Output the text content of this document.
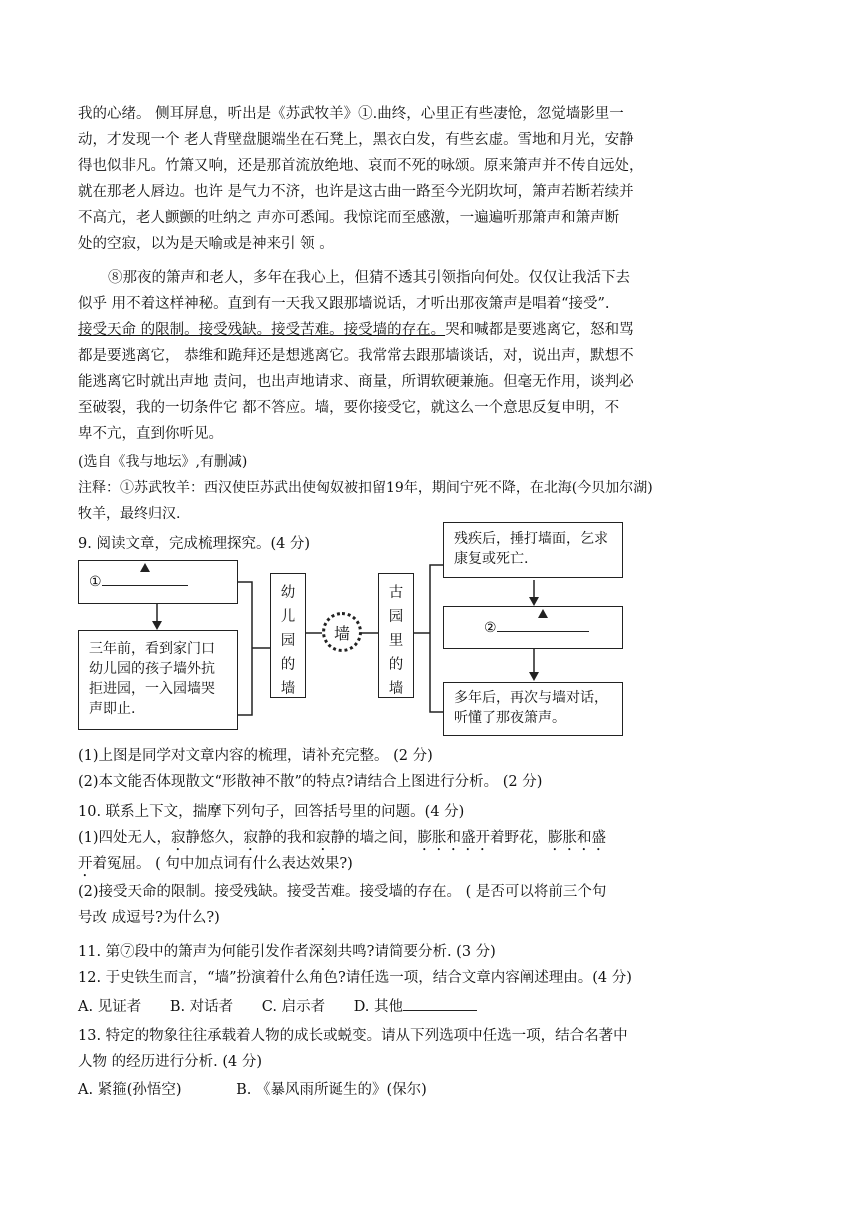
我的心绪。 侧耳屏息，听出是《苏武牧羊》①.曲终，心里正有些凄怆，忽觉墙影里一
动，才发现一个 老人背壁盘腿端坐在石凳上，黑衣白发，有些玄虚。雪地和月光，安静
得也似非凡。竹箫又响，还是那首流放绝地、哀而不死的咏颂。原来箫声并不传自远处，
就在那老人唇边。也许 是气力不济，也许是这古曲一路至今光阴坎坷，箫声若断若续并
不高亢，老人颤颤的吐纳之 声亦可悉闻。我惊诧而至感激，一遍遍听那箫声和箫声断
处的空寂，以为是天喻或是神来引 领 。
⑧那夜的箫声和老人，多年在我心上，但猜不透其引领指向何处。仅仅让我活下去
似乎 用不着这样神秘。直到有一天我又跟那墙说话，才听出那夜箫声是唱着“接受”.
接受天命 的限制。接受残缺。接受苦难。接受墙的存在。哭和喊都是要逃离它，怒和骂
都是要逃离它， 恭维和跪拜还是想逃离它。我常常去跟那墙谈话，对，说出声，默想不
能逃离它时就出声地 责问，也出声地请求、商量，所谓软硬兼施。但毫无作用，谈判必
至破裂，我的一切条件它 都不答应。墙，要你接受它，就这么一个意思反复申明，不
卑不亢，直到你听见。
(选自《我与地坛》,有删减)
注释：①苏武牧羊：西汉使臣苏武出使匈奴被扣留19年，期间宁死不降，在北海(今贝加尔湖)
牧羊，最终归汉.
9. 阅读文章，完成梳理探究。(4 分)
①
三年前，看到家门口幼儿园的孩子墙外抗拒进园，一入园墙哭声即止.
幼儿园的墙
墙
古园里的墙
残疾后，捶打墙面，乞求康复或死亡.
②
多年后，再次与墙对话，听懂了那夜箫声。
(1)上图是同学对文章内容的梳理，请补充完整。 (2 分)
(2)本文能否体现散文“形散神不散”的特点?请结合上图进行分析。 (2 分)
10. 联系上下文，揣摩下列句子，回答括号里的问题。(4 分)
(1)四处无人，寂静悠久，寂静的我和寂静的墙之间，膨胀和盛开着野花，膨胀和盛
开着冤屈。 ( 句中加点词有什么表达效果?)
(2)接受天命的限制。接受残缺。接受苦难。接受墙的存在。 ( 是否可以将前三个句
号改 成逗号?为什么?)
11. 第⑦段中的箫声为何能引发作者深刻共鸣?请简要分析. (3 分)
12. 于史铁生而言，“墙”扮演着什么角色?请任选一项，结合文章内容阐述理由。(4 分)
A. 见证者 B. 对话者 C. 启示者 D. 其他
13. 特定的物象往往承载着人物的成长或蜕变。请从下列选项中任选一项，结合名著中
人物 的经历进行分析. (4 分)
A. 紧箍(孙悟空)	B. 《暴风雨所诞生的》(保尔)
